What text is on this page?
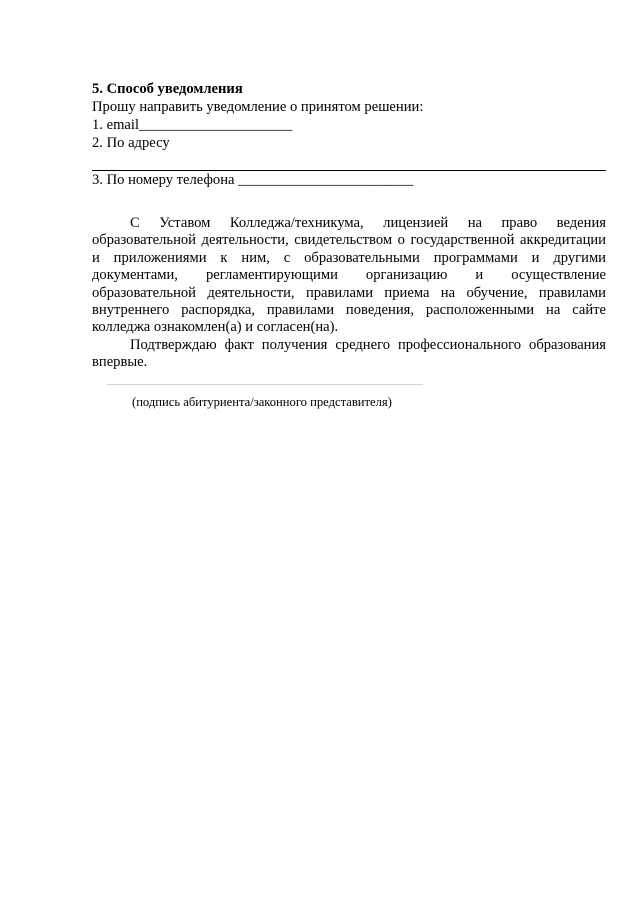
5. Способ уведомления
Прошу направить уведомление о принятом решении:
1. email_____________________
2. По адресу
3. По номеру телефона ________________________
С Уставом Колледжа/техникума, лицензией на право ведения образовательной деятельности, свидетельством о государственной аккредитации и приложениями к ним, с образовательными программами и другими документами, регламентирующими организацию и осуществление образовательной деятельности, правилами приема на обучение, правилами внутреннего распорядка, правилами поведения, расположенными на сайте колледжа ознакомлен(а) и согласен(на).
Подтверждаю факт получения среднего профессионального образования впервые.
(подпись абитуриента/законного представителя)
